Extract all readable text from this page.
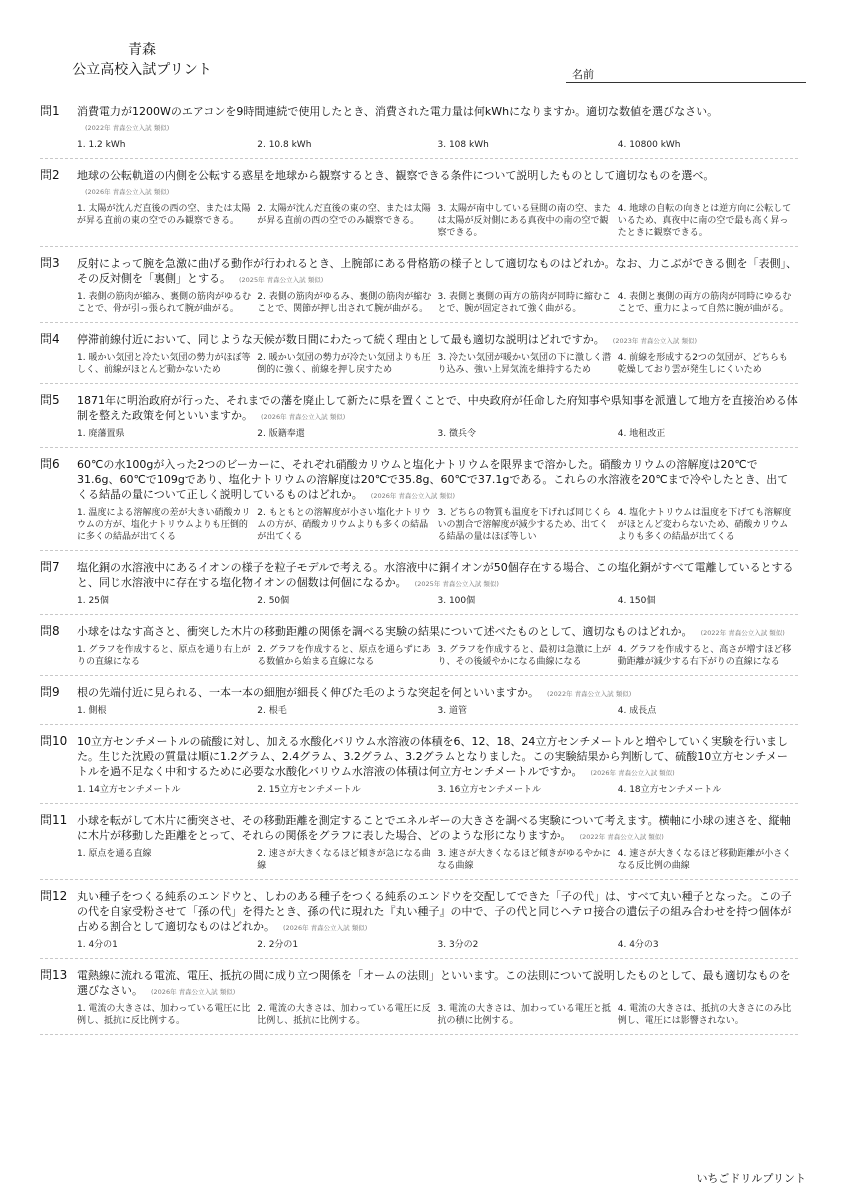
青森
公立高校入試プリント	名前
問1 消費電力が1200Wのエアコンを9時間連続で使用したとき、消費された電力量は何kWhになりますか。適切な数値を選びなさい。(2022年 青森公立入試 類似)
1. 1.2 kWh	2. 10.8 kWh	3. 108 kWh	4. 10800 kWh
問2 地球の公転軌道の内側を公転する惑星を地球から観察するとき、観察できる条件について説明したものとして適切なものを選べ。(2026年 青森公立入試 類似)
1. 太陽が沈んだ直後の西の空、または太陽が昇る直前の東の空でのみ観察できる。
2. 太陽が沈んだ直後の東の空、または太陽が昇る直前の西の空でのみ観察できる。
3. 太陽が南中している昼間の南の空、または太陽が反対側にある真夜中の南の空で観察できる。
4. 地球の自転の向きとは逆方向に公転しているため、真夜中に南の空で最も高く昇ったときに観察できる。
問3 反射によって腕を急激に曲げる動作が行われるとき、上腕部にある骨格筋の様子として適切なものはどれか。なお、力こぶができる側を「表側」、その反対側を「裏側」とする。 (2025年 青森公立入試 類似)
1. 表側の筋肉が縮み、裏側の筋肉がゆるむことで、骨が引っ張られて腕が曲がる。
2. 表側の筋肉がゆるみ、裏側の筋肉が縮むことで、関節が押し出されて腕が曲がる。
3. 表側と裏側の両方の筋肉が同時に縮むことで、腕が固定されて強く曲がる。
4. 表側と裏側の両方の筋肉が同時にゆるむことで、重力によって自然に腕が曲がる。
問4 停滞前線付近において、同じような天候が数日間にわたって続く理由として最も適切な説明はどれですか。 (2023年 青森公立入試 類似)
1. 暖かい気団と冷たい気団の勢力がほぼ等しく、前線がほとんど動かないため
2. 暖かい気団の勢力が冷たい気団よりも圧倒的に強く、前線を押し戻すため
3. 冷たい気団が暖かい気団の下に激しく潜り込み、強い上昇気流を維持するため
4. 前線を形成する2つの気団が、どちらも乾燥しており雲が発生しにくいため
問5 1871年に明治政府が行った、それまでの藩を廃止して新たに県を置くことで、中央政府が任命した府知事や県知事を派遣して地方を直接治める体制を整えた政策を何といいますか。 (2026年 青森公立入試 類似)
1. 廃藩置県	2. 版籍奉還	3. 徴兵令	4. 地租改正
問6 60℃の水100gが入った2つのビーカーに、それぞれ硝酸カリウムと塩化ナトリウムを限界まで溶かした。硝酸カリウムの溶解度は20℃で31.6g、60℃で109gであり、塩化ナトリウムの溶解度は20℃で35.8g、60℃で37.1gである。これらの水溶液を20℃まで冷やしたとき、出てくる結晶の量について正しく説明しているものはどれか。 (2026年 青森公立入試 類似)
1. 温度による溶解度の差が大きい硝酸カリウムの方が、塩化ナトリウムよりも圧倒的に多くの結晶が出てくる
2. もともとの溶解度が小さい塩化ナトリウムの方が、硝酸カリウムよりも多くの結晶が出てくる
3. どちらの物質も温度を下げれば同じくらいの割合で溶解度が減少するため、出てくる結晶の量はほぼ等しい
4. 塩化ナトリウムは温度を下げても溶解度がほとんど変わらないため、硝酸カリウムよりも多くの結晶が出てくる
問7 塩化銅の水溶液中にあるイオンの様子を粒子モデルで考える。水溶液中に銅イオンが50個存在する場合、この塩化銅がすべて電離しているとすると、同じ水溶液中に存在する塩化物イオンの個数は何個になるか。 (2025年 青森公立入試 類似)
1. 25個	2. 50個	3. 100個	4. 150個
問8 小球をはなす高さと、衝突した木片の移動距離の関係を調べる実験の結果について述べたものとして、適切なものはどれか。 (2022年 青森公立入試 類似)
1. グラフを作成すると、原点を通り右上がりの直線になる
2. グラフを作成すると、原点を通らずにある数値から始まる直線になる
3. グラフを作成すると、最初は急激に上がり、その後緩やかになる曲線になる
4. グラフを作成すると、高さが増すほど移動距離が減少する右下がりの直線になる
問9 根の先端付近に見られる、一本一本の細胞が細長く伸びた毛のような突起を何といいますか。 (2022年 青森公立入試 類似)
1. 側根	2. 根毛	3. 道管	4. 成長点
問10 10立方センチメートルの硫酸に対し、加える水酸化バリウム水溶液の体積を6、12、18、24立方センチメートルと増やしていく実験を行いました。生じた沈殿の質量は順に1.2グラム、2.4グラム、3.2グラム、3.2グラムとなりました。この実験結果から判断して、硫酸10立方センチメートルを過不足なく中和するために必要な水酸化バリウム水溶液の体積は何立方センチメートルですか。 (2026年 青森公立入試 類似)
1. 14立方センチメートル	2. 15立方センチメートル	3. 16立方センチメートル	4. 18立方センチメートル
問11 小球を転がして木片に衝突させ、その移動距離を測定することでエネルギーの大きさを調べる実験について考えます。横軸に小球の速さを、縦軸に木片が移動した距離をとって、それらの関係をグラフに表した場合、どのような形になりますか。 (2022年 青森公立入試 類似)
1. 原点を通る直線	2. 速さが大きくなるほど傾きが急になる曲線
3. 速さが大きくなるほど傾きがゆるやかになる曲線
4. 速さが大きくなるほど移動距離が小さくなる反比例の曲線
問12 丸い種子をつくる純系のエンドウと、しわのある種子をつくる純系のエンドウを交配してできた「子の代」は、すべて丸い種子となった。この子の代を自家受粉させて「孫の代」を得たとき、孫の代に現れた『丸い種子』の中で、子の代と同じヘテロ接合の遺伝子の組み合わせを持つ個体が占める割合として適切なものはどれか。 (2026年 青森公立入試 類似)
1. 4分の1	2. 2分の1	3. 3分の2	4. 4分の3
問13 電熱線に流れる電流、電圧、抵抗の間に成り立つ関係を「オームの法則」といいます。この法則について説明したものとして、最も適切なものを選びなさい。 (2026年 青森公立入試 類似)
1. 電流の大きさは、加わっている電圧に比例し、抵抗に反比例する。
2. 電流の大きさは、加わっている電圧に反比例し、抵抗に比例する。
3. 電流の大きさは、加わっている電圧と抵抗の積に比例する。
4. 電流の大きさは、抵抗の大きさにのみ比例し、電圧には影響されない。
いちごドリルプリント
